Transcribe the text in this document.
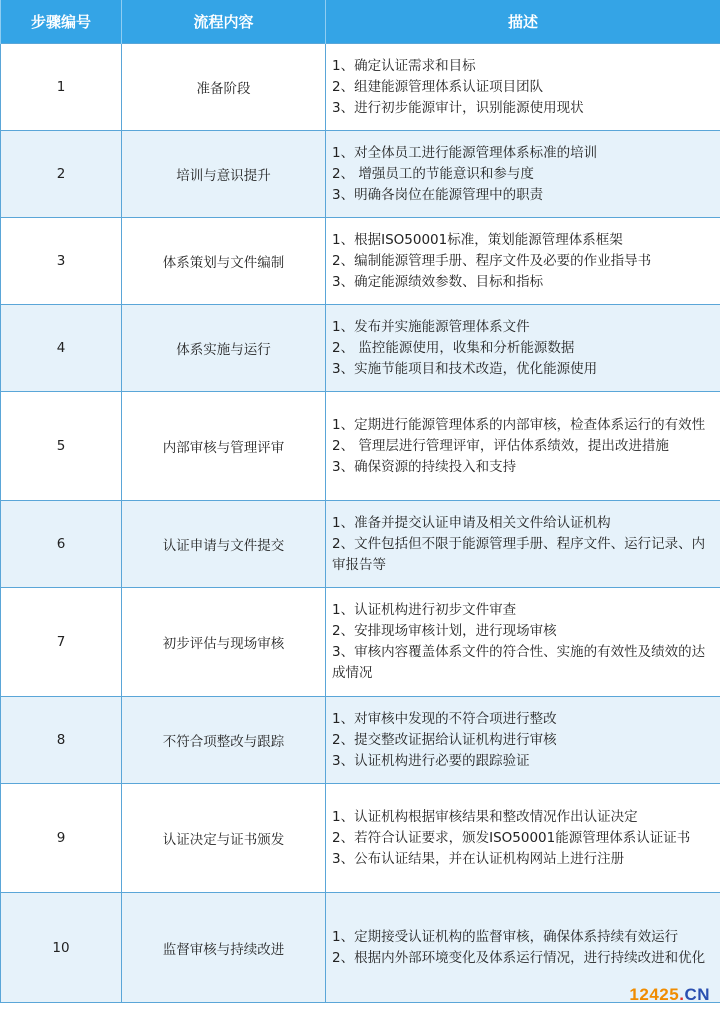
步骤编号	流程内容	描述
1	准备阶段	1、确定认证需求和目标
2、组建能源管理体系认证项目团队
3、进行初步能源审计，识别能源使用现状

2	培训与意识提升	1、对全体员工进行能源管理体系标准的培训
2、 增强员工的节能意识和参与度
3、明确各岗位在能源管理中的职责

3	体系策划与文件编制	1、根据ISO50001标准，策划能源管理体系框架
2、编制能源管理手册、程序文件及必要的作业指导书
3、确定能源绩效参数、目标和指标

4	体系实施与运行	1、发布并实施能源管理体系文件
2、 监控能源使用，收集和分析能源数据
3、实施节能项目和技术改造，优化能源使用

5	内部审核与管理评审	1、定期进行能源管理体系的内部审核，检查体系运行的有效性
2、 管理层进行管理评审，评估体系绩效，提出改进措施
3、确保资源的持续投入和支持

6	认证申请与文件提交	1、准备并提交认证申请及相关文件给认证机构
2、文件包括但不限于能源管理手册、程序文件、运行记录、内审报告等

7	初步评估与现场审核	1、认证机构进行初步文件审查
2、安排现场审核计划，进行现场审核
3、审核内容覆盖体系文件的符合性、实施的有效性及绩效的达成情况

8	不符合项整改与跟踪	1、对审核中发现的不符合项进行整改
2、提交整改证据给认证机构进行审核
3、认证机构进行必要的跟踪验证

9	认证决定与证书颁发	1、认证机构根据审核结果和整改情况作出认证决定
2、若符合认证要求，颁发ISO50001能源管理体系认证证书
3、公布认证结果，并在认证机构网站上进行注册

10	监督审核与持续改进	1、定期接受认证机构的监督审核，确保体系持续有效运行
2、根据内外部环境变化及体系运行情况，进行持续改进和优化
12425.CN
